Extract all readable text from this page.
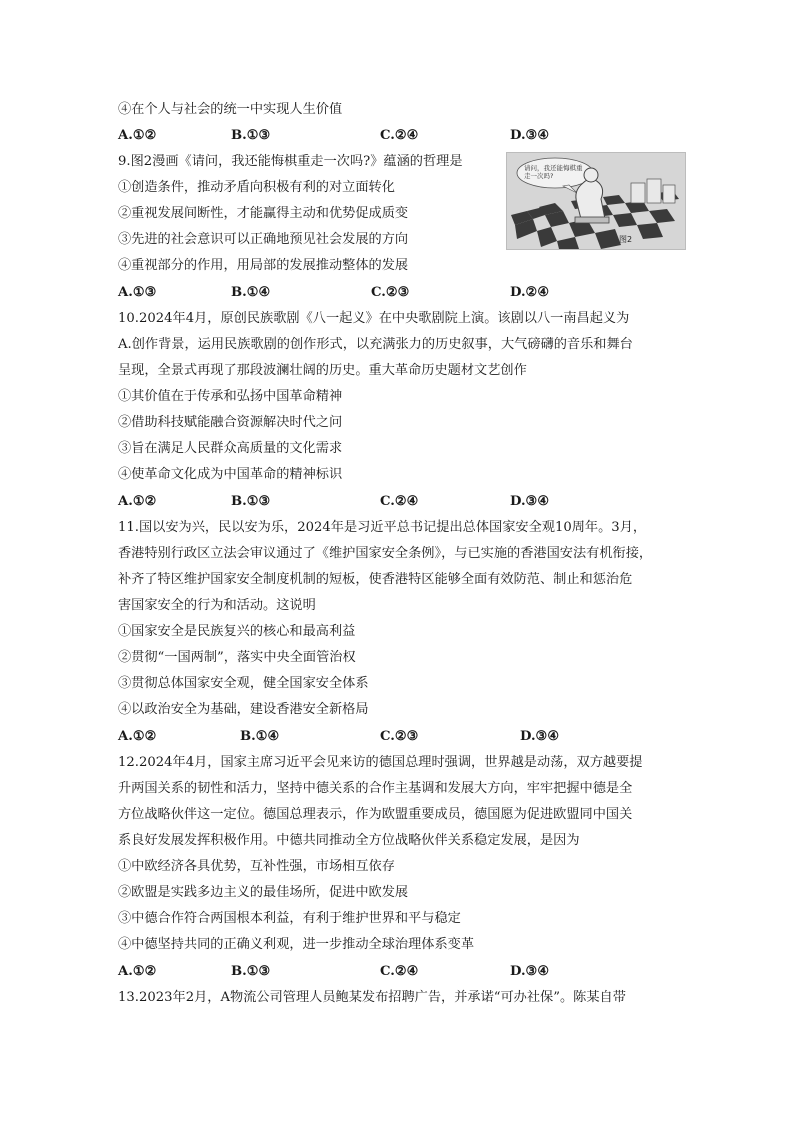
④在个人与社会的统一中实现人生价值
A.①②	B.①③	C.②④	D.③④
9.图2漫画《请问，我还能悔棋重走一次吗?》蕴涵的哲理是
①创造条件，推动矛盾向积极有利的对立面转化
②重视发展间断性，才能赢得主动和优势促成质变
③先进的社会意识可以正确地预见社会发展的方向
④重视部分的作用，用局部的发展推动整体的发展
请问，我还能悔棋重走一次吗?
图2
A.①③	B.①④	C.②③	D.②④
10.2024年4月，原创民族歌剧《八一起义》在中央歌剧院上演。该剧以八一南昌起义为
A.创作背景，运用民族歌剧的创作形式，以充满张力的历史叙事，大气磅礴的音乐和舞台
呈现，全景式再现了那段波澜壮阔的历史。重大革命历史题材文艺创作
①其价值在于传承和弘扬中国革命精神
②借助科技赋能融合资源解决时代之问
③旨在满足人民群众高质量的文化需求
④使革命文化成为中国革命的精神标识
A.①②	B.①③	C.②④	D.③④
11.国以安为兴，民以安为乐，2024年是习近平总书记提出总体国家安全观10周年。3月，
香港特别行政区立法会审议通过了《维护国家安全条例》，与已实施的香港国安法有机衔接，
补齐了特区维护国家安全制度机制的短板，使香港特区能够全面有效防范、制止和惩治危
害国家安全的行为和活动。这说明
①国家安全是民族复兴的核心和最高利益
②贯彻“一国两制”，落实中央全面管治权
③贯彻总体国家安全观，健全国家安全体系
④以政治安全为基础，建设香港安全新格局
A.①②	B.①④	C.②③	D.③④
12.2024年4月，国家主席习近平会见来访的德国总理时强调，世界越是动荡，双方越要提
升两国关系的韧性和活力，坚持中德关系的合作主基调和发展大方向，牢牢把握中德是全
方位战略伙伴这一定位。德国总理表示，作为欧盟重要成员，德国愿为促进欧盟同中国关
系良好发展发挥积极作用。中德共同推动全方位战略伙伴关系稳定发展，是因为
①中欧经济各具优势，互补性强，市场相互依存
②欧盟是实践多边主义的最佳场所，促进中欧发展
③中德合作符合两国根本利益，有利于维护世界和平与稳定
④中德坚持共同的正确义利观，进一步推动全球治理体系变革
A.①②	B.①③	C.②④	D.③④
13.2023年2月，A物流公司管理人员鲍某发布招聘广告，并承诺“可办社保”。陈某自带
